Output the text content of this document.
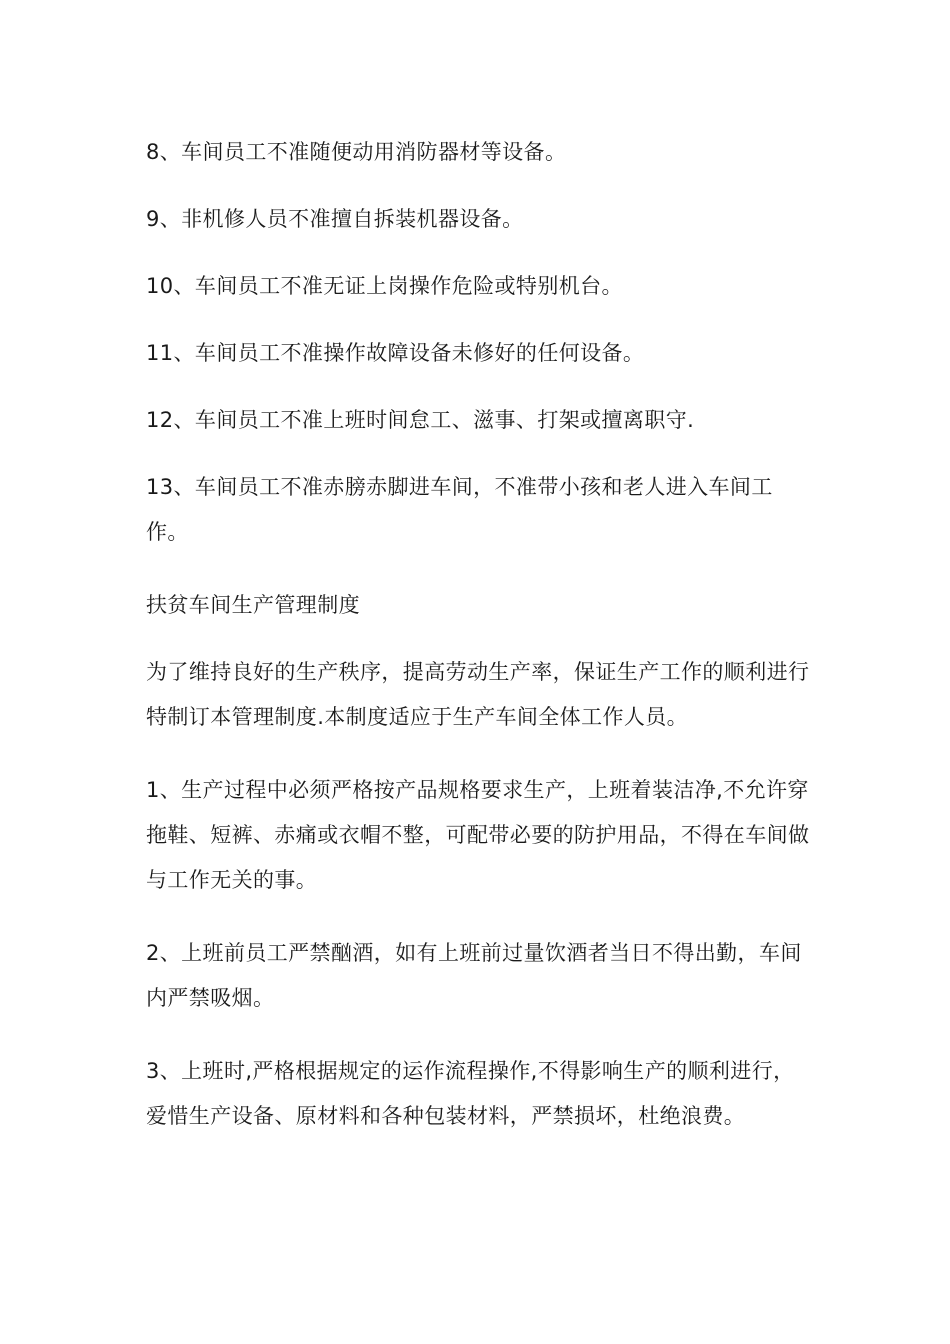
8、车间员工不准随便动用消防器材等设备。

9、非机修人员不准擅自拆装机器设备。

10、车间员工不准无证上岗操作危险或特别机台。

11、车间员工不准操作故障设备未修好的任何设备。

12、车间员工不准上班时间怠工、滋事、打架或擅离职守.

13、车间员工不准赤膀赤脚进车间，不准带小孩和老人进入车间工作。

扶贫车间生产管理制度

为了维持良好的生产秩序，提高劳动生产率，保证生产工作的顺利进行特制订本管理制度.本制度适应于生产车间全体工作人员。

1、生产过程中必须严格按产品规格要求生产，上班着装洁净,不允许穿拖鞋、短裤、赤痛或衣帽不整，可配带必要的防护用品，不得在车间做与工作无关的事。

2、上班前员工严禁酗酒，如有上班前过量饮酒者当日不得出勤，车间内严禁吸烟。

3、上班时,严格根据规定的运作流程操作,不得影响生产的顺利进行，爱惜生产设备、原材料和各种包装材料，严禁损坏，杜绝浪费。
